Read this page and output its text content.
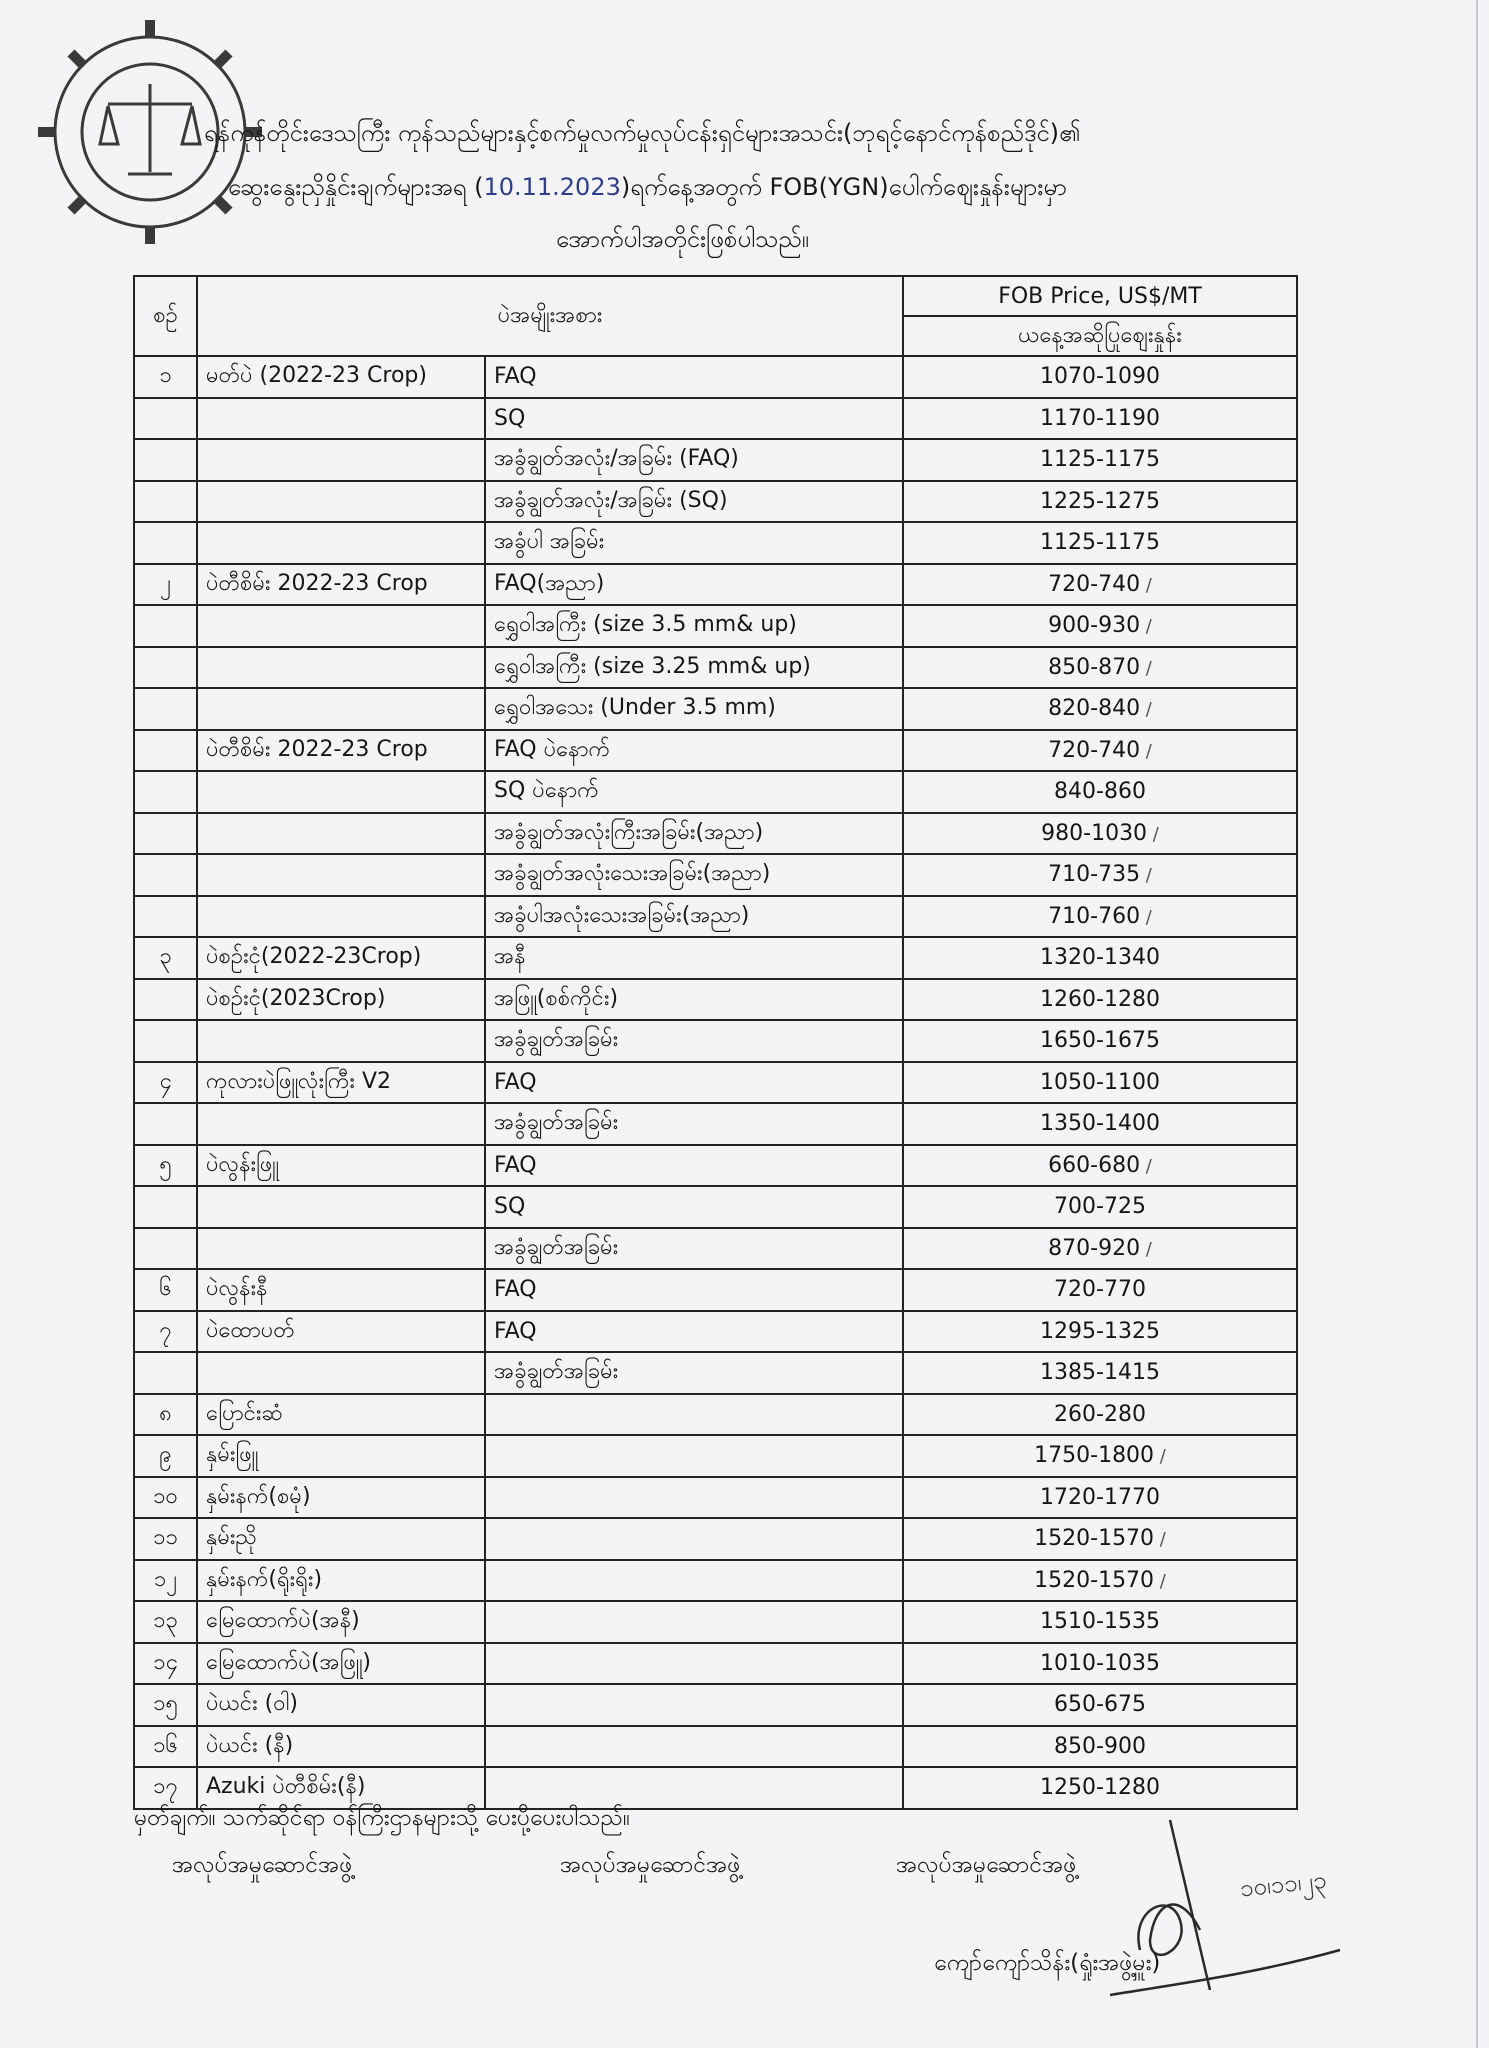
ရန်ကုန်တိုင်းဒေသကြီး ကုန်သည်များနှင့်စက်မှုလက်မှုလုပ်ငန်းရှင်များအသင်း(ဘုရင့်နောင်ကုန်စည်ဒိုင်)၏
ဆွေးနွေးညှိနှိုင်းချက်များအရ (10.11.2023)ရက်နေ့အတွက် FOB(YGN)ပေါက်ဈေးနှုန်းများမှာ
အောက်ပါအတိုင်းဖြစ်ပါသည်။
စဉ်	ပဲအမျိုးအစား		FOB Price, US$/MT
			ယနေ့အဆိုပြုဈေးနှုန်း
၁	မတ်ပဲ (2022-23 Crop)	FAQ	1070-1090
		SQ	1170-1190
		အခွံချွတ်အလုံး/အခြမ်း (FAQ)	1125-1175
		အခွံချွတ်အလုံး/အခြမ်း (SQ)	1225-1275
		အခွံပါ အခြမ်း	1125-1175
၂	ပဲတီစိမ်း 2022-23 Crop	FAQ(အညာ)	720-740 /
		ရွှေဝါအကြီး (size 3.5 mm& up)	900-930 /
		ရွှေဝါအကြီး (size 3.25 mm& up)	850-870 /
		ရွှေဝါအသေး (Under 3.5 mm)	820-840 /
	ပဲတီစိမ်း 2022-23 Crop	FAQ ပဲနောက်	720-740 /
		SQ ပဲနောက်	840-860
		အခွံချွတ်အလုံးကြီးအခြမ်း(အညာ)	980-1030 /
		အခွံချွတ်အလုံးသေးအခြမ်း(အညာ)	710-735 /
		အခွံပါအလုံးသေးအခြမ်း(အညာ)	710-760 /
၃	ပဲစဉ်းငုံ(2022-23Crop)	အနီ	1320-1340
	ပဲစဉ်းငုံ(2023Crop)	အဖြူ(စစ်ကိုင်း)	1260-1280
		အခွံချွတ်အခြမ်း	1650-1675
၄	ကုလားပဲဖြူလုံးကြီး V2	FAQ	1050-1100
		အခွံချွတ်အခြမ်း	1350-1400
၅	ပဲလွန်းဖြူ	FAQ	660-680 /
		SQ	700-725
		အခွံချွတ်အခြမ်း	870-920 /
၆	ပဲလွန်းနီ	FAQ	720-770
၇	ပဲထောပတ်	FAQ	1295-1325
		အခွံချွတ်အခြမ်း	1385-1415
၈	ပြောင်းဆံ		260-280
၉	နှမ်းဖြူ		1750-1800 /
၁၀	နှမ်းနက်(စမုံ)		1720-1770
၁၁	နှမ်းညို		1520-1570 /
၁၂	နှမ်းနက်(ရိုးရိုး)		1520-1570 /
၁၃	မြေထောက်ပဲ(အနီ)		1510-1535
၁၄	မြေထောက်ပဲ(အဖြူ)		1010-1035
၁၅	ပဲယင်း (ဝါ)		650-675
၁၆	ပဲယင်း (နီ)		850-900
၁၇	Azuki ပဲတီစိမ်း(နီ)		1250-1280
မှတ်ချက်။ သက်ဆိုင်ရာ ဝန်ကြီးဌာနများသို့ ပေးပို့ပေးပါသည်။
အလုပ်အမှုဆောင်အဖွဲ့	အလုပ်အမှုဆောင်အဖွဲ့	အလုပ်အမှုဆောင်အဖွဲ့
၁၀၊၁၁၊၂၃
ကျော်ကျော်သိန်း(ရှုံးအဖွဲ့မှူး)
